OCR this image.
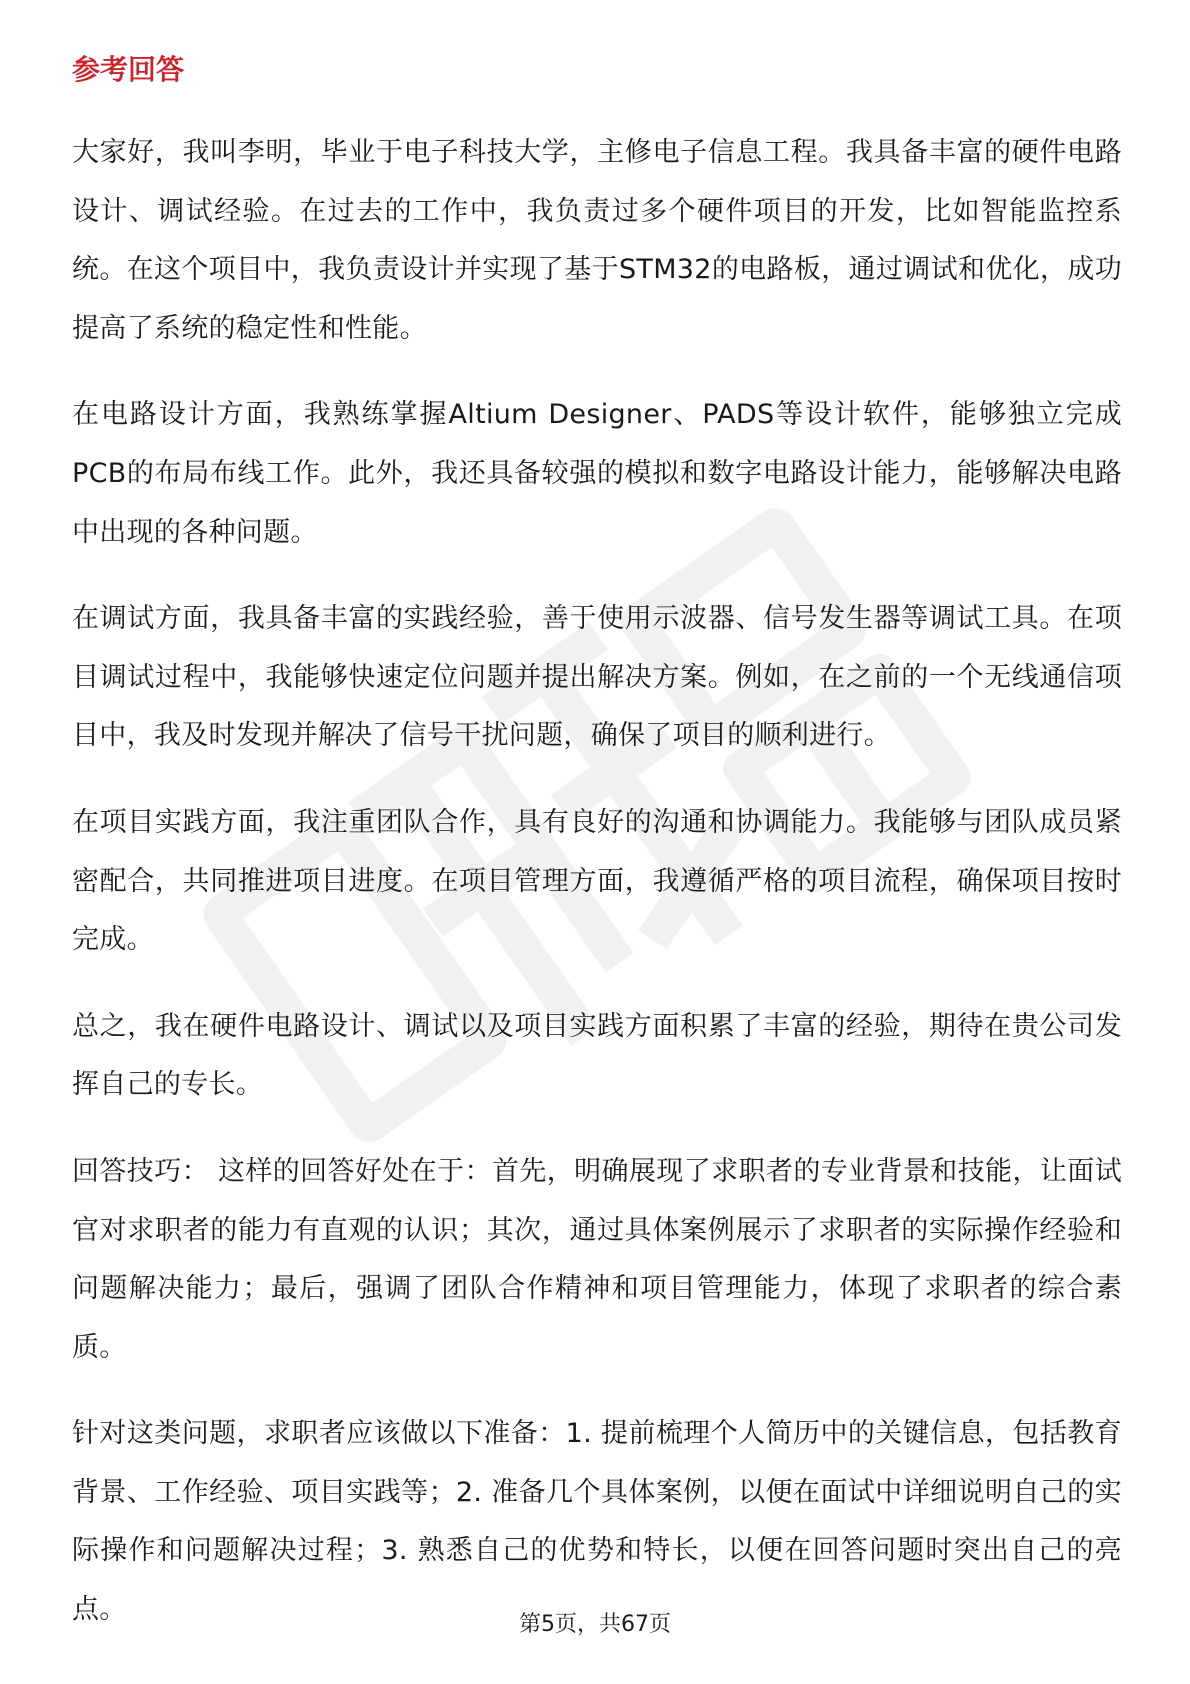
参考回答

大家好，我叫李明，毕业于电子科技大学，主修电子信息工程。我具备丰富的硬件电路设计、调试经验。在过去的工作中，我负责过多个硬件项目的开发，比如智能监控系统。在这个项目中，我负责设计并实现了基于STM32的电路板，通过调试和优化，成功提高了系统的稳定性和性能。

在电路设计方面，我熟练掌握Altium Designer、PADS等设计软件，能够独立完成PCB的布局布线工作。此外，我还具备较强的模拟和数字电路设计能力，能够解决电路中出现的各种问题。

在调试方面，我具备丰富的实践经验，善于使用示波器、信号发生器等调试工具。在项目调试过程中，我能够快速定位问题并提出解决方案。例如，在之前的一个无线通信项目中，我及时发现并解决了信号干扰问题，确保了项目的顺利进行。

在项目实践方面，我注重团队合作，具有良好的沟通和协调能力。我能够与团队成员紧密配合，共同推进项目进度。在项目管理方面，我遵循严格的项目流程，确保项目按时完成。

总之，我在硬件电路设计、调试以及项目实践方面积累了丰富的经验，期待在贵公司发挥自己的专长。

回答技巧： 这样的回答好处在于：首先，明确展现了求职者的专业背景和技能，让面试官对求职者的能力有直观的认识；其次，通过具体案例展示了求职者的实际操作经验和问题解决能力；最后，强调了团队合作精神和项目管理能力，体现了求职者的综合素质。

针对这类问题，求职者应该做以下准备：1. 提前梳理个人简历中的关键信息，包括教育背景、工作经验、项目实践等；2. 准备几个具体案例，以便在面试中详细说明自己的实际操作和问题解决过程；3. 熟悉自己的优势和特长，以便在回答问题时突出自己的亮点。	第5页，共67页
